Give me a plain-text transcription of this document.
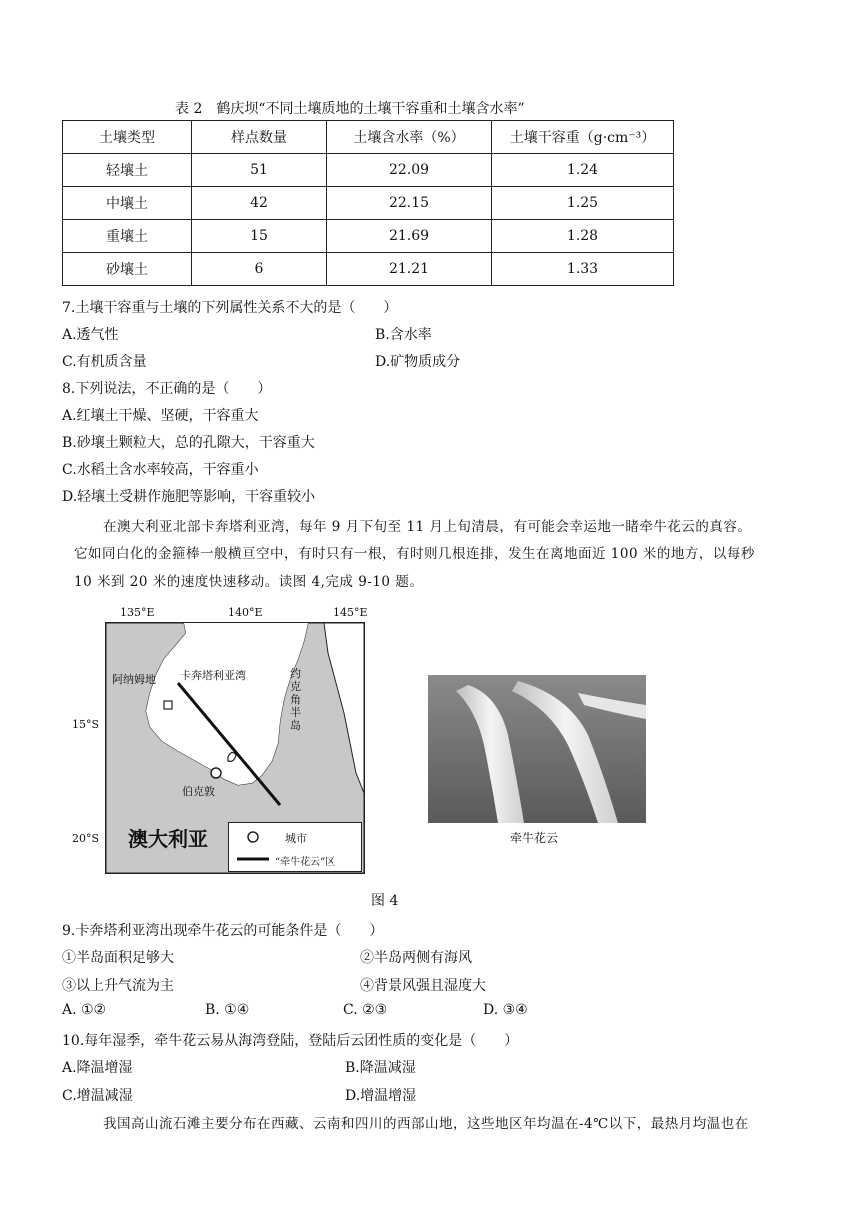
表 2　鹤庆坝“不同土壤质地的土壤干容重和土壤含水率”
土壤类型	样点数量	土壤含水率（%）	土壤干容重（g·cm⁻³）
轻壤土	51	22.09	1.24
中壤土	42	22.15	1.25
重壤土	15	21.69	1.28
砂壤土	6	21.21	1.33
7.土壤干容重与土壤的下列属性关系不大的是（　　）
A.透气性	B.含水率
C.有机质含量	D.矿物质成分
8.下列说法，不正确的是（　　）
A.红壤土干燥、坚硬，干容重大
B.砂壤土颗粒大，总的孔隙大，干容重大
C.水稻土含水率较高，干容重小
D.轻壤土受耕作施肥等影响，干容重较小
在澳大利亚北部卡奔塔利亚湾，每年 9 月下旬至 11 月上旬清晨，有可能会幸运地一睹牵牛花云的真容。
它如同白化的金箍棒一般横亘空中，有时只有一根，有时则几根连排，发生在离地面近 100 米的地方，以每秒
10 米到 20 米的速度快速移动。读图 4,完成 9-10 题。
135°E	140°E	145°E
15°S
20°S
阿纳姆地 卡奔塔利亚湾	约 克 角 半 岛
伯克敦
澳大利亚	城市
“牵牛花云”区
牵牛花云
图 4
9.卡奔塔利亚湾出现牵牛花云的可能条件是（　　）
①半岛面积足够大	②半岛两侧有海风
③以上升气流为主	④背景风强且湿度大
A. ①②	B. ①④	C. ②③	D. ③④
10.每年湿季，牵牛花云易从海湾登陆，登陆后云团性质的变化是（　　）
A.降温增湿	B.降温减湿
C.增温减湿	D.增温增湿
我国高山流石滩主要分布在西藏、云南和四川的西部山地，这些地区年均温在-4℃以下，最热月均温也在
